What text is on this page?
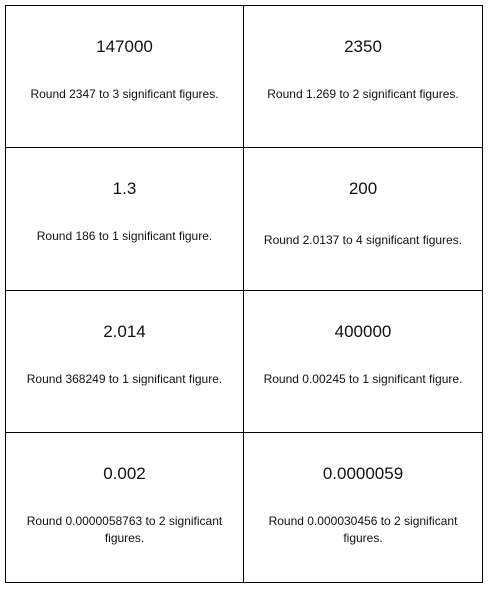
147000
Round 2347 to 3 significant figures.
2350
Round 1.269 to 2 significant figures.
1.3
Round 186 to 1 significant figure.
200
Round 2.0137 to 4 significant figures.
2.014
Round 368249 to 1 significant figure.
400000
Round 0.00245 to 1 significant figure.
0.002
Round 0.0000058763 to 2 significant figures.
0.0000059
Round 0.000030456 to 2 significant figures.
